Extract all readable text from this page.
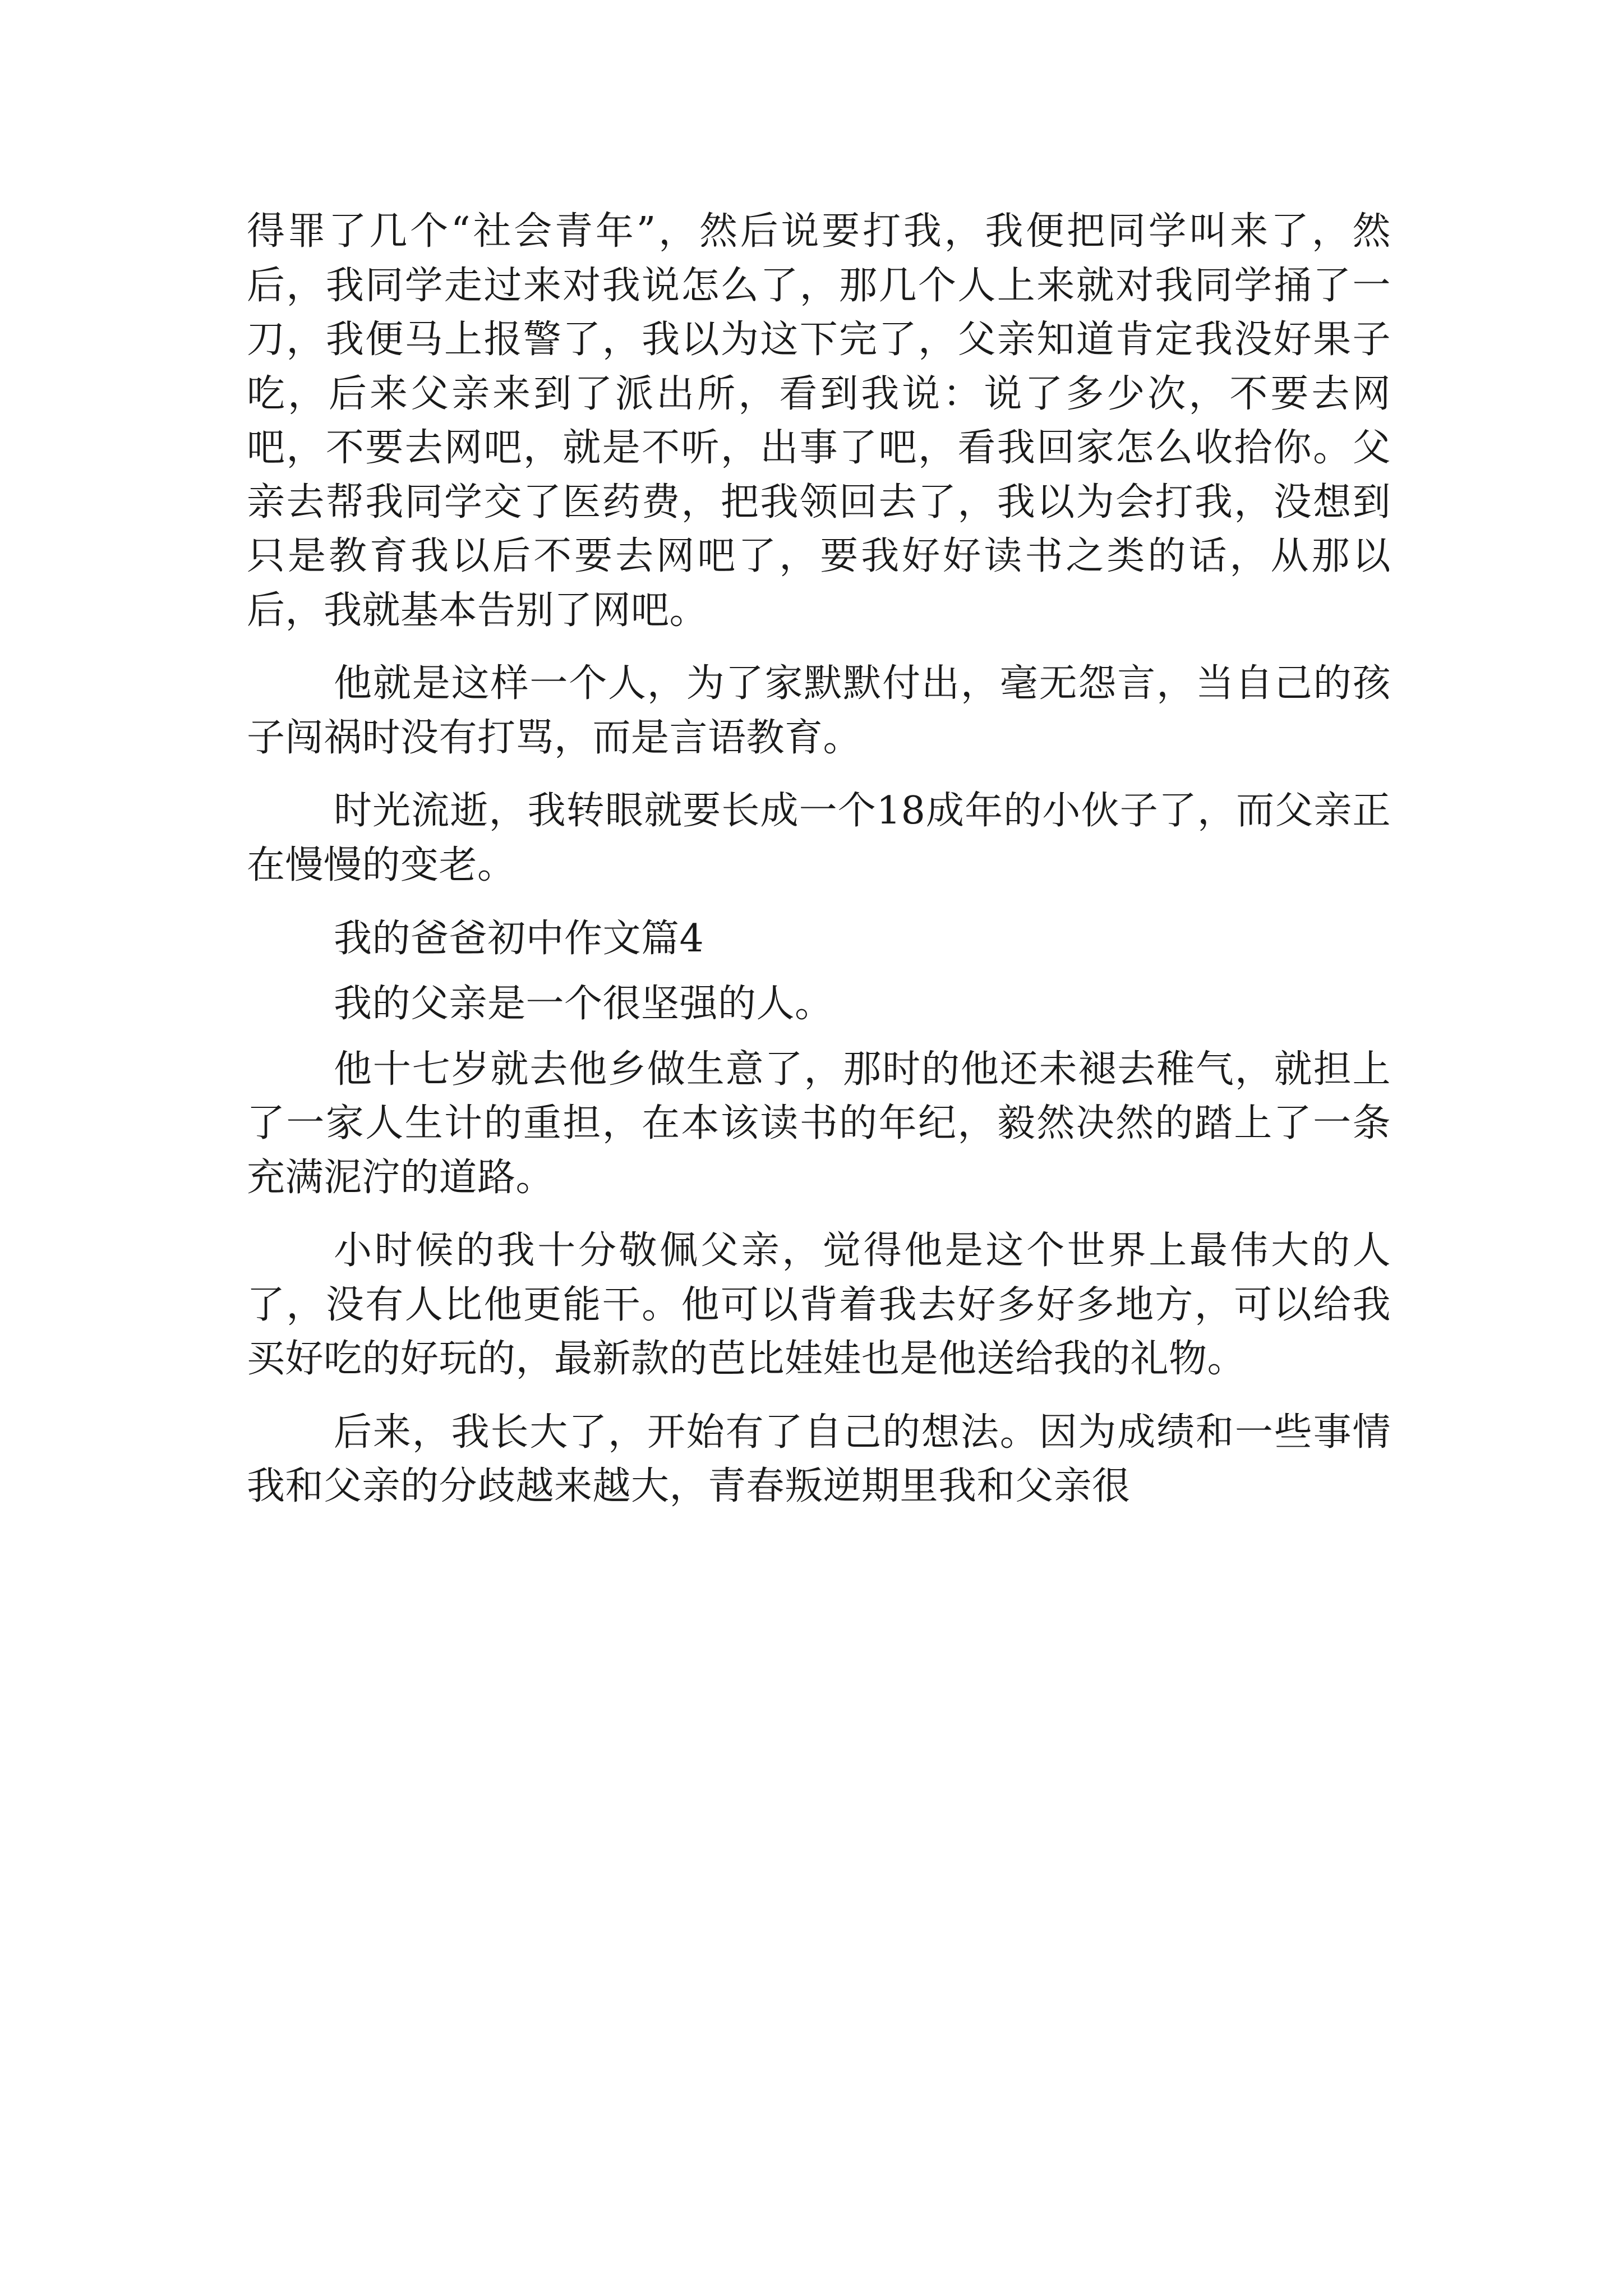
得罪了几个“社会青年”，然后说要打我，我便把同学叫来了，然后，我同学走过来对我说怎么了，那几个人上来就对我同学捅了一刀，我便马上报警了，我以为这下完了，父亲知道肯定我没好果子吃，后来父亲来到了派出所，看到我说：说了多少次，不要去网吧，不要去网吧，就是不听，出事了吧，看我回家怎么收拾你。父亲去帮我同学交了医药费，把我领回去了，我以为会打我，没想到只是教育我以后不要去网吧了，要我好好读书之类的话，从那以后，我就基本告别了网吧。

他就是这样一个人，为了家默默付出，毫无怨言，当自己的孩子闯祸时没有打骂，而是言语教育。

时光流逝，我转眼就要长成一个18成年的小伙子了，而父亲正在慢慢的变老。

我的爸爸初中作文篇4

我的父亲是一个很坚强的人。

他十七岁就去他乡做生意了，那时的他还未褪去稚气，就担上了一家人生计的重担，在本该读书的年纪，毅然决然的踏上了一条充满泥泞的道路。

小时候的我十分敬佩父亲，觉得他是这个世界上最伟大的人了，没有人比他更能干。他可以背着我去好多好多地方，可以给我买好吃的好玩的，最新款的芭比娃娃也是他送给我的礼物。

后来，我长大了，开始有了自己的想法。因为成绩和一些事情我和父亲的分歧越来越大，青春叛逆期里我和父亲很
